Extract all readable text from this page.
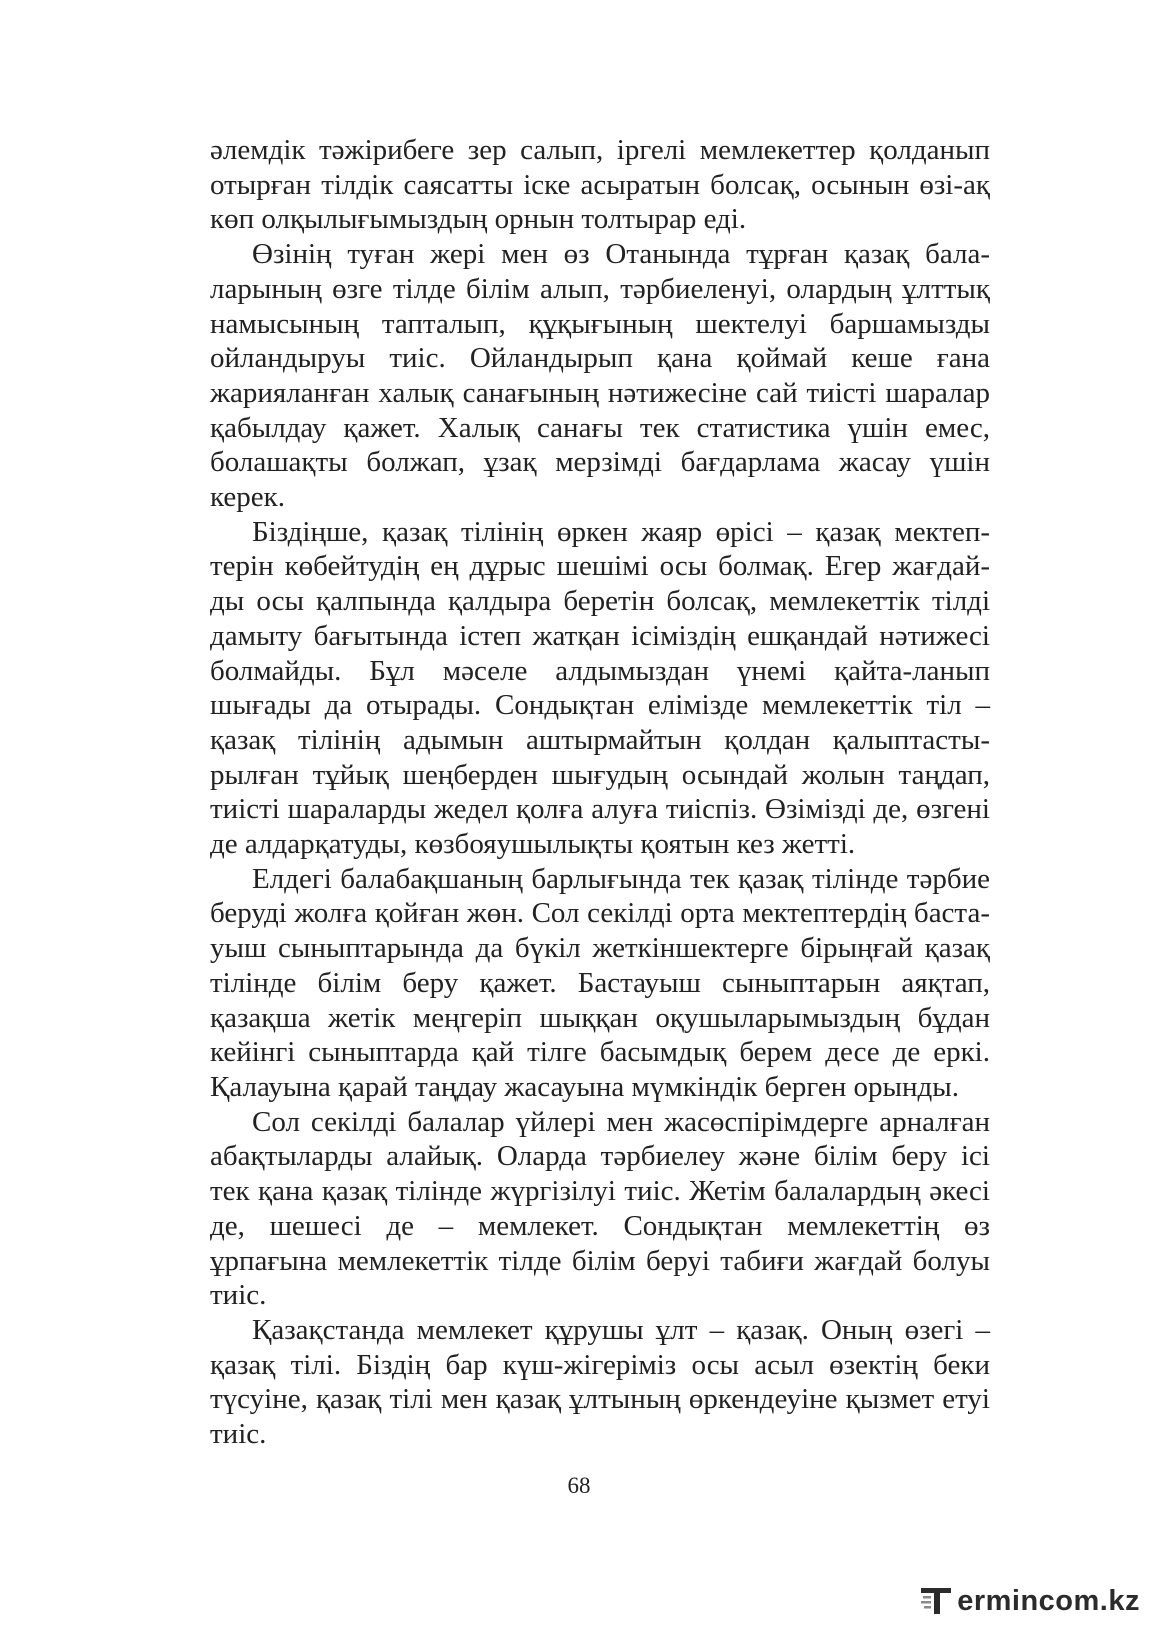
әлемдік тәжірибеге зер салып, іргелі мемлекеттер қолданып отырған тілдік саясатты іске асыратын болсақ, осынын өзі-ақ көп олқылығымыздың орнын толтырар еді.

Өзінің туған жері мен өз Отанында тұрған қазақ бала-ларының өзге тілде білім алып, тәрбиеленуі, олардың ұлттық намысының тапталып, құқығының шектелуі баршамызды ойландыруы тиіс. Ойландырып қана қоймай кеше ғана жарияланған халық санағының нәтижесіне сай тиісті шаралар қабылдау қажет. Халық санағы тек статистика үшін емес, болашақты болжап, ұзақ мерзімді бағдарлама жасау үшін керек.

Біздіңше, қазақ тілінің өркен жаяр өрісі – қазақ мектеп-терін көбейтудің ең дұрыс шешімі осы болмақ. Егер жағдай-ды осы қалпында қалдыра беретін болсақ, мемлекеттік тілді дамыту бағытында істеп жатқан ісіміздің ешқандай нәтижесі болмайды. Бұл мәселе алдымыздан үнемі қайта-ланып шығады да отырады. Сондықтан елімізде мемлекеттік тіл – қазақ тілінің адымын аштырмайтын қолдан қалыптасты-рылған тұйық шеңберден шығудың осындай жолын таңдап, тиісті шараларды жедел қолға алуға тиіспіз. Өзімізді де, өзгені де алдарқатуды, көзбояушылықты қоятын кез жетті.

Елдегі балабақшаның барлығында тек қазақ тілінде тәрбие беруді жолға қойған жөн. Сол секілді орта мектептердің баста-уыш сыныптарында да бүкіл жеткіншектерге бірыңғай қазақ тілінде білім беру қажет. Бастауыш сыныптарын аяқтап, қазақша жетік меңгеріп шыққан оқушыларымыздың бұдан кейінгі сыныптарда қай тілге басымдық берем десе де еркі. Қалауына қарай таңдау жасауына мүмкіндік берген орынды.

Сол секілді балалар үйлері мен жасөспірімдерге арналған абақтыларды алайық. Оларда тәрбиелеу және білім беру ісі тек қана қазақ тілінде жүргізілуі тиіс. Жетім балалардың әкесі де, шешесі де – мемлекет. Сондықтан мемлекеттің өз ұрпағына мемлекеттік тілде білім беруі табиғи жағдай болуы тиіс.

Қазақстанда мемлекет құрушы ұлт – қазақ. Оның өзегі – қазақ тілі. Біздің бар күш-жігеріміз осы асыл өзектің беки түсуіне, қазақ тілі мен қазақ ұлтының өркендеуіне қызмет етуі тиіс.

68
ermincom.kz
